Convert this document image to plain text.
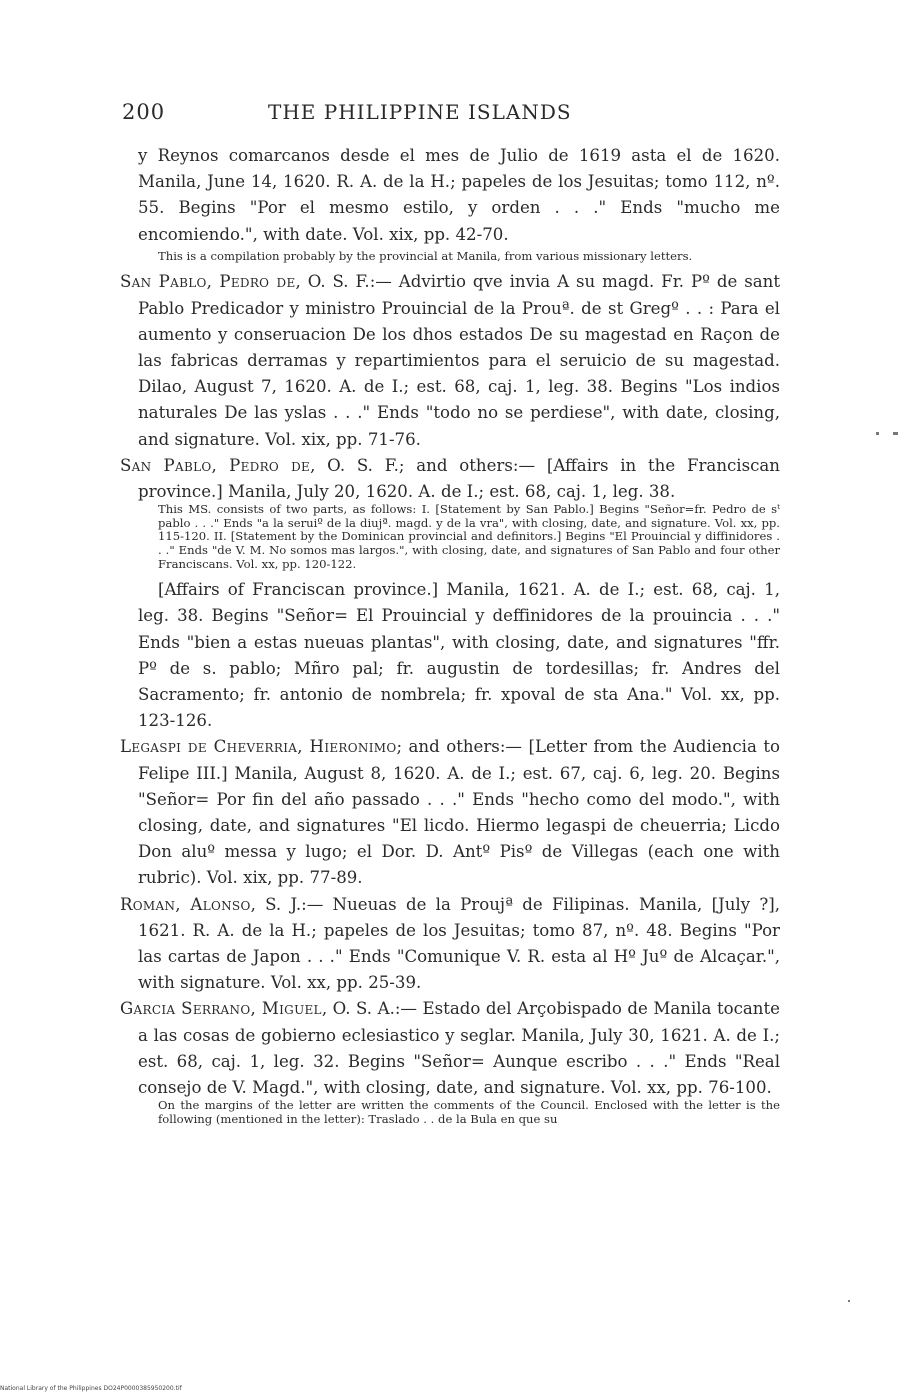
200	THE PHILIPPINE ISLANDS

y Reynos comarcanos desde el mes de Julio de 1619 asta el de 1620. Manila, June 14, 1620. R. A. de la H.; papeles de los Jesuitas; tomo 112, nº. 55. Begins "Por el mesmo estilo, y orden . . ." Ends "mucho me encomiendo.", with date. Vol. xix, pp. 42-70.

This is a compilation probably by the provincial at Manila, from various missionary letters.

San Pablo, Pedro de, O. S. F.:— Advirtio qve invia A su magd. Fr. Pº de sant Pablo Predicador y ministro Prouincial de la Prouª. de st Gregº . . : Para el aumento y conseruacion De los dhos estados De su magestad en Raçon de las fabricas derramas y repartimientos para el seruicio de su magestad. Dilao, August 7, 1620. A. de I.; est. 68, caj. 1, leg. 38. Begins "Los indios naturales De las yslas . . ." Ends "todo no se perdiese", with date, closing, and signature. Vol. xix, pp. 71-76.

San Pablo, Pedro de, O. S. F.; and others:— [Affairs in the Franciscan province.] Manila, July 20, 1620. A. de I.; est. 68, caj. 1, leg. 38.

This MS. consists of two parts, as follows: I. [Statement by San Pablo.] Begins "Señor=fr. Pedro de sᵗ pablo . . ." Ends "a la seruiº de la diujª. magd. y de la vra", with closing, date, and signature. Vol. xx, pp. 115-120. II. [Statement by the Dominican provincial and definitors.] Begins "El Prouincial y diffinidores . . ." Ends "de V. M. No somos mas largos.", with closing, date, and signatures of San Pablo and four other Franciscans. Vol. xx, pp. 120-122.

[Affairs of Franciscan province.] Manila, 1621. A. de I.; est. 68, caj. 1, leg. 38. Begins "Señor= El Prouincial y deffinidores de la prouincia . . ." Ends "bien a estas nueuas plantas", with closing, date, and signatures "ffr. Pº de s. pablo; Mñro pal; fr. augustin de tordesillas; fr. Andres del Sacramento; fr. antonio de nombrela; fr. xpoval de sta Ana." Vol. xx, pp. 123-126.

Legaspi de Cheverria, Hieronimo; and others:— [Letter from the Audiencia to Felipe III.] Manila, August 8, 1620. A. de I.; est. 67, caj. 6, leg. 20. Begins "Señor= Por fin del año passado . . ." Ends "hecho como del modo.", with closing, date, and signatures "El licdo. Hiermo legaspi de cheuerria; Licdo Don aluº messa y lugo; el Dor. D. Antº Pisº de Villegas (each one with rubric). Vol. xix, pp. 77-89.

Roman, Alonso, S. J.:— Nueuas de la Proujª de Filipinas. Manila, [July ?], 1621. R. A. de la H.; papeles de los Jesuitas; tomo 87, nº. 48. Begins "Por las cartas de Japon . . ." Ends "Comunique V. R. esta al Hº Juº de Alcaçar.", with signature. Vol. xx, pp. 25-39.

Garcia Serrano, Miguel, O. S. A.:— Estado del Arçobispado de Manila tocante a las cosas de gobierno eclesiastico y seglar. Manila, July 30, 1621. A. de I.; est. 68, caj. 1, leg. 32. Begins "Señor= Aunque escribo . . ." Ends "Real consejo de V. Magd.", with closing, date, and signature. Vol. xx, pp. 76-100.

On the margins of the letter are written the comments of the Council. Enclosed with the letter is the following (mentioned in the letter): Traslado . . de la Bula en que su

National Library of the Philippines DO24P0000385950200.tif
